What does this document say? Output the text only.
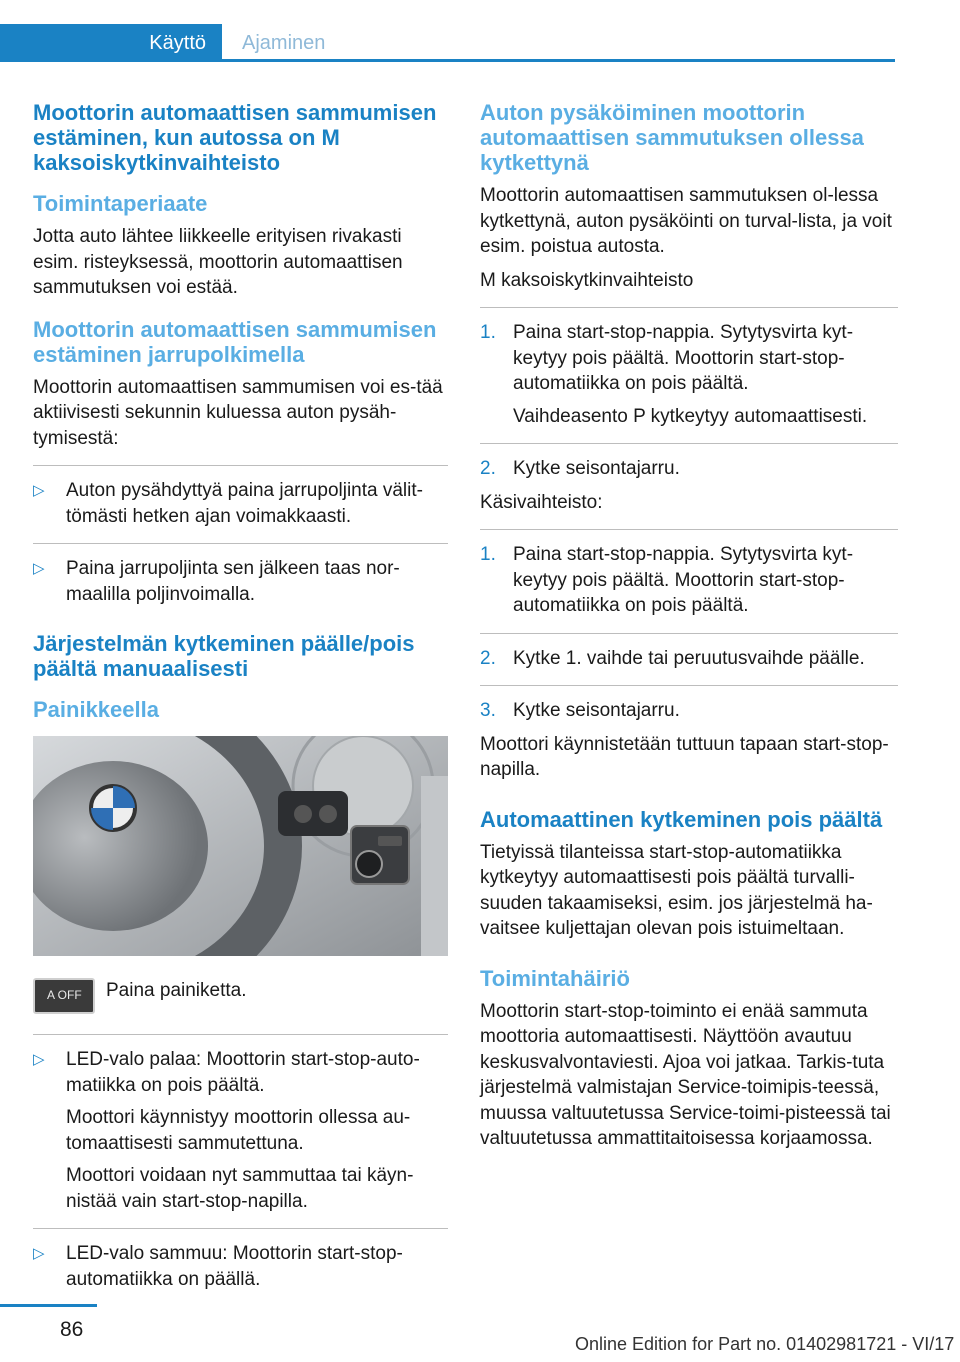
Käyttö	Ajaminen
Moottorin automaattisen sammumisen estäminen, kun autossa on M kaksoiskytkinvaihteisto
Toimintaperiaate

Jotta auto lähtee liikkeelle erityisen rivakasti esim. risteyksessä, moottorin automaattisen sammutuksen voi estää.

Moottorin automaattisen sammumisen estäminen jarrupolkimella

Moottorin automaattisen sammumisen voi es-tää aktiivisesti sekunnin kuluessa auton pysäh-tymisestä:

▷ Auton pysähdyttyä paina jarrupoljinta välit-tömästi hetken ajan voimakkaasti.

▷ Paina jarrupoljinta sen jälkeen taas nor-maalilla poljinvoimalla.

Järjestelmän kytkeminen päälle/pois päältä manuaalisesti
Painikkeella
A OFF Paina painiketta.
▷ LED-valo palaa: Moottorin start-stop-auto-matiikka on pois päältä.

Moottori käynnistyy moottorin ollessa au-tomaattisesti sammutettuna.

Moottori voidaan nyt sammuttaa tai käyn-nistää vain start-stop-napilla.

▷ LED-valo sammuu: Moottorin start-stop-automatiikka on päällä.

Auton pysäköiminen moottorin automaattisen sammutuksen ollessa kytkettynä

Moottorin automaattisen sammutuksen ol-lessa kytkettynä, auton pysäköinti on turval-lista, ja voit esim. poistua autosta.

M kaksoiskytkinvaihteisto

1. Paina start-stop-nappia. Sytytysvirta kyt-keytyy pois päältä. Moottorin start-stop-automatiikka on pois päältä.

Vaihdeasento P kytkeytyy automaattisesti.

2. Kytke seisontajarru.

Käsivaihteisto:

1. Paina start-stop-nappia. Sytytysvirta kyt-keytyy pois päältä. Moottorin start-stop-automatiikka on pois päältä.

2. Kytke 1. vaihde tai peruutusvaihde päälle.

3. Kytke seisontajarru.

Moottori käynnistetään tuttuun tapaan start-stop-napilla.

Automaattinen kytkeminen pois päältä

Tietyissä tilanteissa start-stop-automatiikka kytkeytyy automaattisesti pois päältä turvalli-suuden takaamiseksi, esim. jos järjestelmä ha-vaitsee kuljettajan olevan pois istuimeltaan.

Toimintahäiriö

Moottorin start-stop-toiminto ei enää sammuta moottoria automaattisesti. Näyttöön avautuu keskusvalvontaviesti. Ajoa voi jatkaa. Tarkis-tuta järjestelmä valmistajan Service-toimipis-teessä, muussa valtuutetussa Service-toimi-pisteessä tai valtuutetussa ammattitaitoisessa korjaamossa.

86
Online Edition for Part no. 01402981721 - VI/17
